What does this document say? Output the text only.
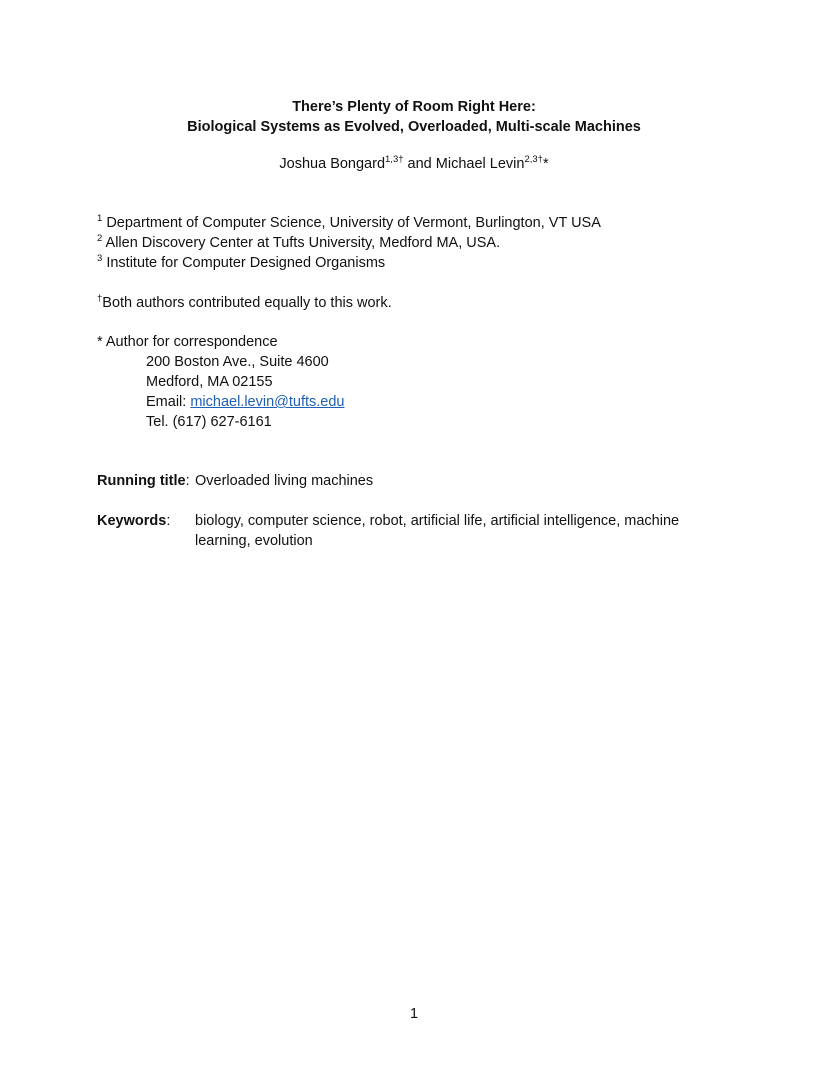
There’s Plenty of Room Right Here:
Biological Systems as Evolved, Overloaded, Multi-scale Machines
Joshua Bongard$^{1,3\dagger}$ and Michael Levin$^{2,3\dagger}$*
$^1$ Department of Computer Science, University of Vermont, Burlington, VT USA
$^2$ Allen Discovery Center at Tufts University, Medford MA, USA.
$^3$ Institute for Computer Designed Organisms
†Both authors contributed equally to this work.
* Author for correspondence
200 Boston Ave., Suite 4600
Medford, MA 02155
Email: michael.levin@tufts.edu
Tel. (617) 627-6161
Running title: Overloaded living machines
Keywords: biology, computer science, robot, artificial life, artificial intelligence, machine learning, evolution
1
